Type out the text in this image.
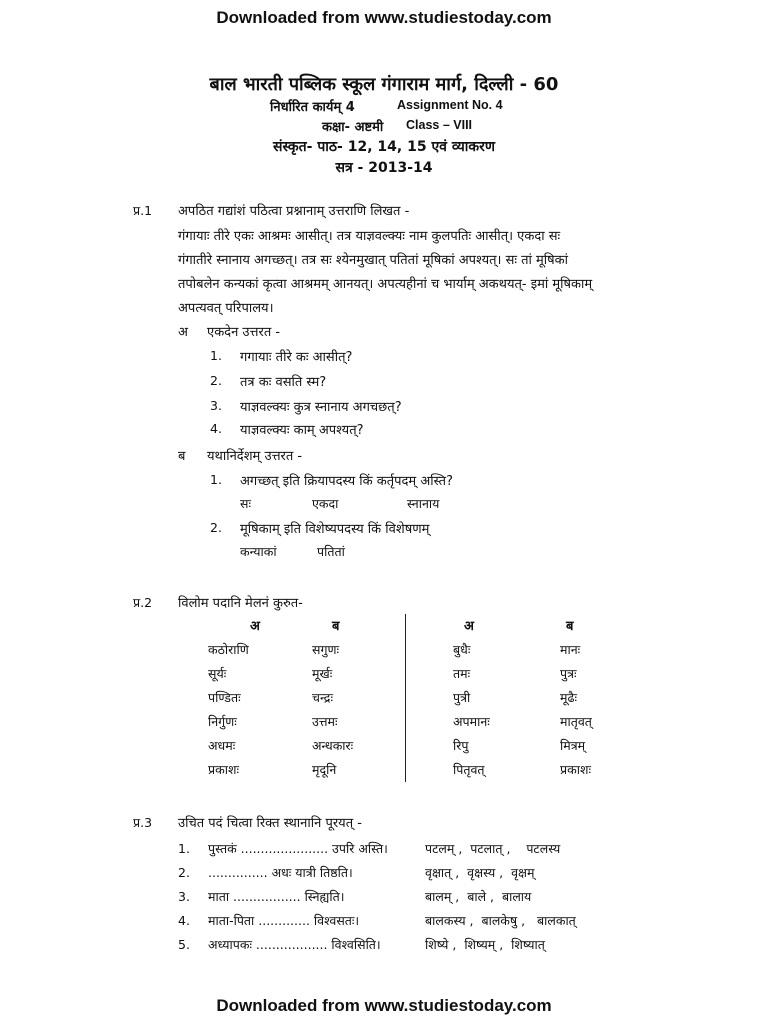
Downloaded from www.studiestoday.com
बाल भारती पब्लिक स्कूल गंगाराम मार्ग, दिल्ली - 60
निर्धारित कार्यम् 4	Assignment No. 4
कक्षा- अष्टमी Class – VIII
संस्कृत- पाठ- 12, 14, 15 एवं व्याकरण
सत्र - 2013-14
प्र.1 अपठित गद्यांशं पठित्वा प्रश्नानाम् उत्तराणि लिखत -
गंगायाः तीरे एकः आश्रमः आसीत्। तत्र याज्ञवल्क्यः नाम कुलपतिः आसीत्। एकदा सः
गंगातीरे स्नानाय अगच्छत्। तत्र सः श्येनमुखात् पतितां मूषिकां अपश्यत्। सः तां मूषिकां
तपोबलेन कन्यकां कृत्वा आश्रमम् आनयत्। अपत्यहीनां च भार्याम् अकथयत्- इमां मूषिकाम्
अपत्यवत् परिपालय।
अ एकदेन उत्तरत -
1. गगायाः तीरे कः आसीत्?
2. तत्र कः वसति स्म?
3. याज्ञवल्क्यः कुत्र स्नानाय अगचछत्?
4. याज्ञवल्क्यः काम् अपश्यत्?
ब यथानिर्देशम् उत्तरत -
1. अगच्छत् इति क्रियापदस्य किं कर्तृपदम् अस्ति?
सः	एकदा	स्नानाय
2. मूषिकाम् इति विशेष्यपदस्य किं विशेषणम्
कन्याकां	पतितां
प्र.2 विलोम पदानि मेलनं कुरुत-
अ	ब	अ	ब
कठोराणि	सगुणः	बुधैः	मानः
सूर्यः	मूर्खः	तमः	पुत्रः
पण्डितः	चन्द्रः	पुत्री	मूढैः
निर्गुणः	उत्तमः	अपमानः	मातृवत्
अधमः	अन्धकारः	रिपु	मित्रम्
प्रकाशः	मृदूनि	पितृवत्	प्रकाशः
प्र.3 उचित पदं चित्वा रिक्त स्थानानि पूरयत् -
1. पुस्तकं ...................... उपरि अस्ति।	पटलम् ,  पटलात् ,    पटलस्य
2. ............... अधः यात्री तिष्ठति।	वृक्षात् ,  वृक्षस्य ,  वृक्षम्
3. माता ................. स्निह्यति।	बालम् ,  बाले ,  बालाय
4. माता-पिता ............. विश्वसतः।	बालकस्य ,  बालकेषु ,   बालकात्
5. अध्यापकः .................. विश्वसिति।	शिष्ये ,  शिष्यम् ,  शिष्यात्
Downloaded from www.studiestoday.com
